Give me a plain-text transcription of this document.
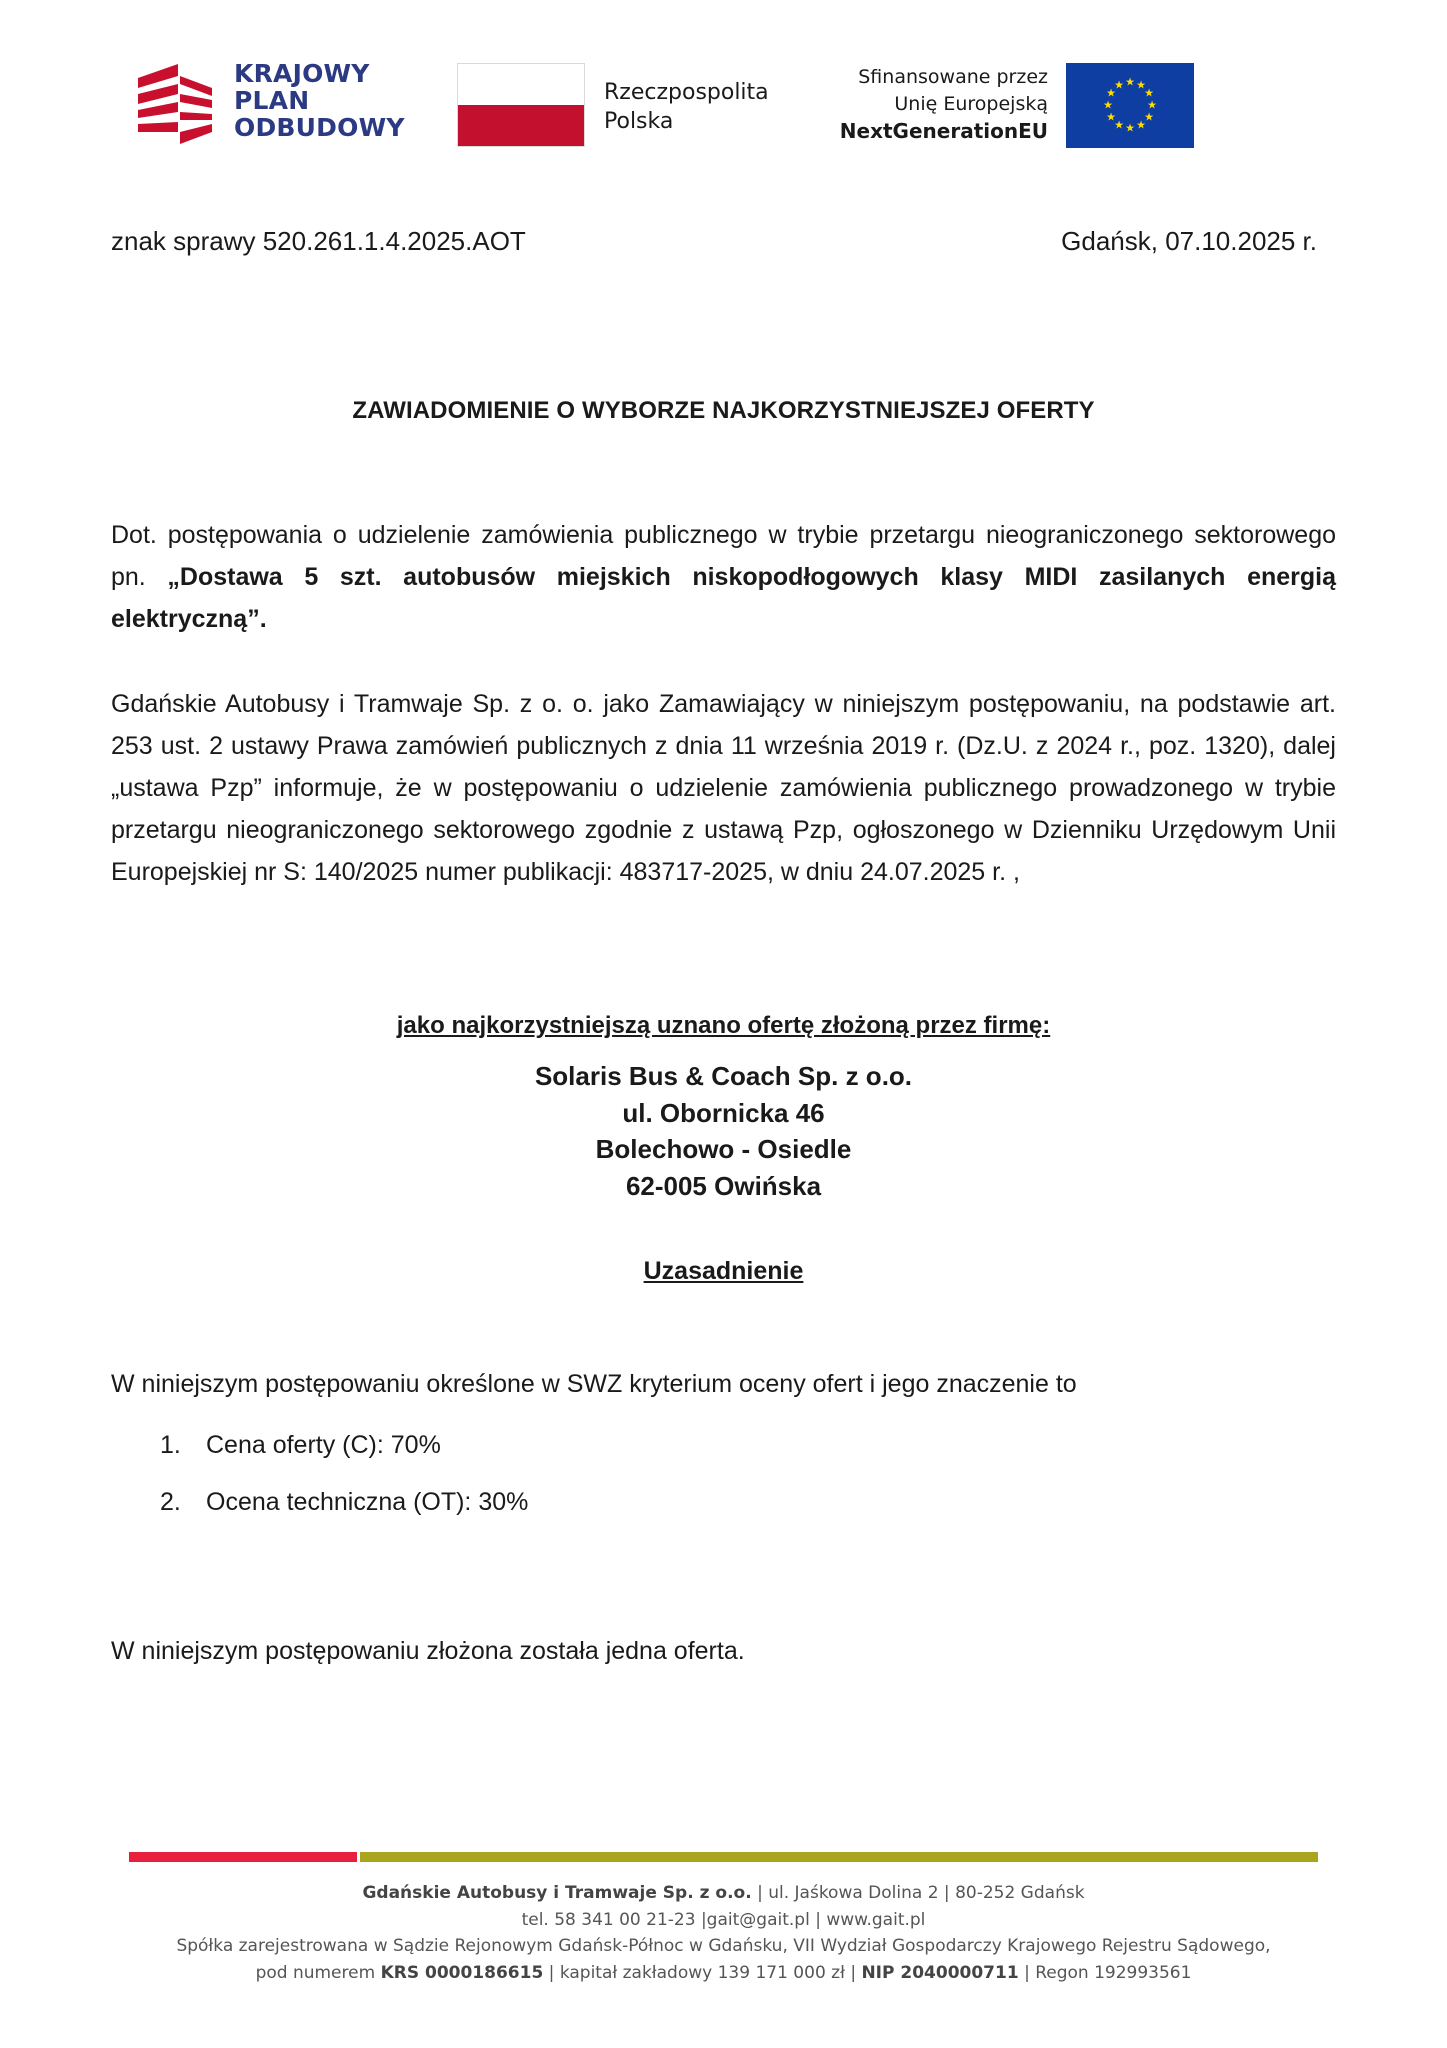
KRAJOWY
PLAN
ODBUDOWY
Rzeczpospolita
Polska
Sfinansowane przez
Unię Europejską
NextGenerationEU
★ ★
★
★
★
★
★
★
★
★
★
★
znak sprawy 520.261.1.4.2025.AOT	Gdańsk, 07.10.2025 r.
ZAWIADOMIENIE O WYBORZE NAJKORZYSTNIEJSZEJ OFERTY
Dot. postępowania o udzielenie zamówienia publicznego w trybie przetargu nieograniczonego sektorowego pn. „Dostawa 5 szt. autobusów miejskich niskopodłogowych klasy MIDI zasilanych energią elektryczną”.
Gdańskie Autobusy i Tramwaje Sp. z o. o. jako Zamawiający w niniejszym postępowaniu, na podstawie art. 253 ust. 2 ustawy Prawa zamówień publicznych z dnia 11 września 2019 r. (Dz.U. z 2024 r., poz. 1320), dalej „ustawa Pzp” informuje, że w postępowaniu o udzielenie zamówienia publicznego prowadzonego w trybie przetargu nieograniczonego sektorowego zgodnie z ustawą Pzp, ogłoszonego w Dzienniku Urzędowym Unii Europejskiej nr S: 140/2025 numer publikacji: 483717-2025, w dniu 24.07.2025 r. ,
jako najkorzystniejszą uznano ofertę złożoną przez firmę:
Solaris Bus & Coach Sp. z o.o.
ul. Obornicka 46
Bolechowo - Osiedle
62-005 Owińska
Uzasadnienie
W niniejszym postępowaniu określone w SWZ kryterium oceny ofert i jego znaczenie to
1.	Cena oferty (C): 70%
2.	Ocena techniczna (OT): 30%
W niniejszym postępowaniu złożona została jedna oferta.
Gdańskie Autobusy i Tramwaje Sp. z o.o. | ul. Jaśkowa Dolina 2 | 80-252 Gdańsk
tel. 58 341 00 21-23 |gait@gait.pl | www.gait.pl
Spółka zarejestrowana w Sądzie Rejonowym Gdańsk-Północ w Gdańsku, VII Wydział Gospodarczy Krajowego Rejestru Sądowego,
pod numerem KRS 0000186615 | kapitał zakładowy 139 171 000 zł | NIP 2040000711 | Regon 192993561
